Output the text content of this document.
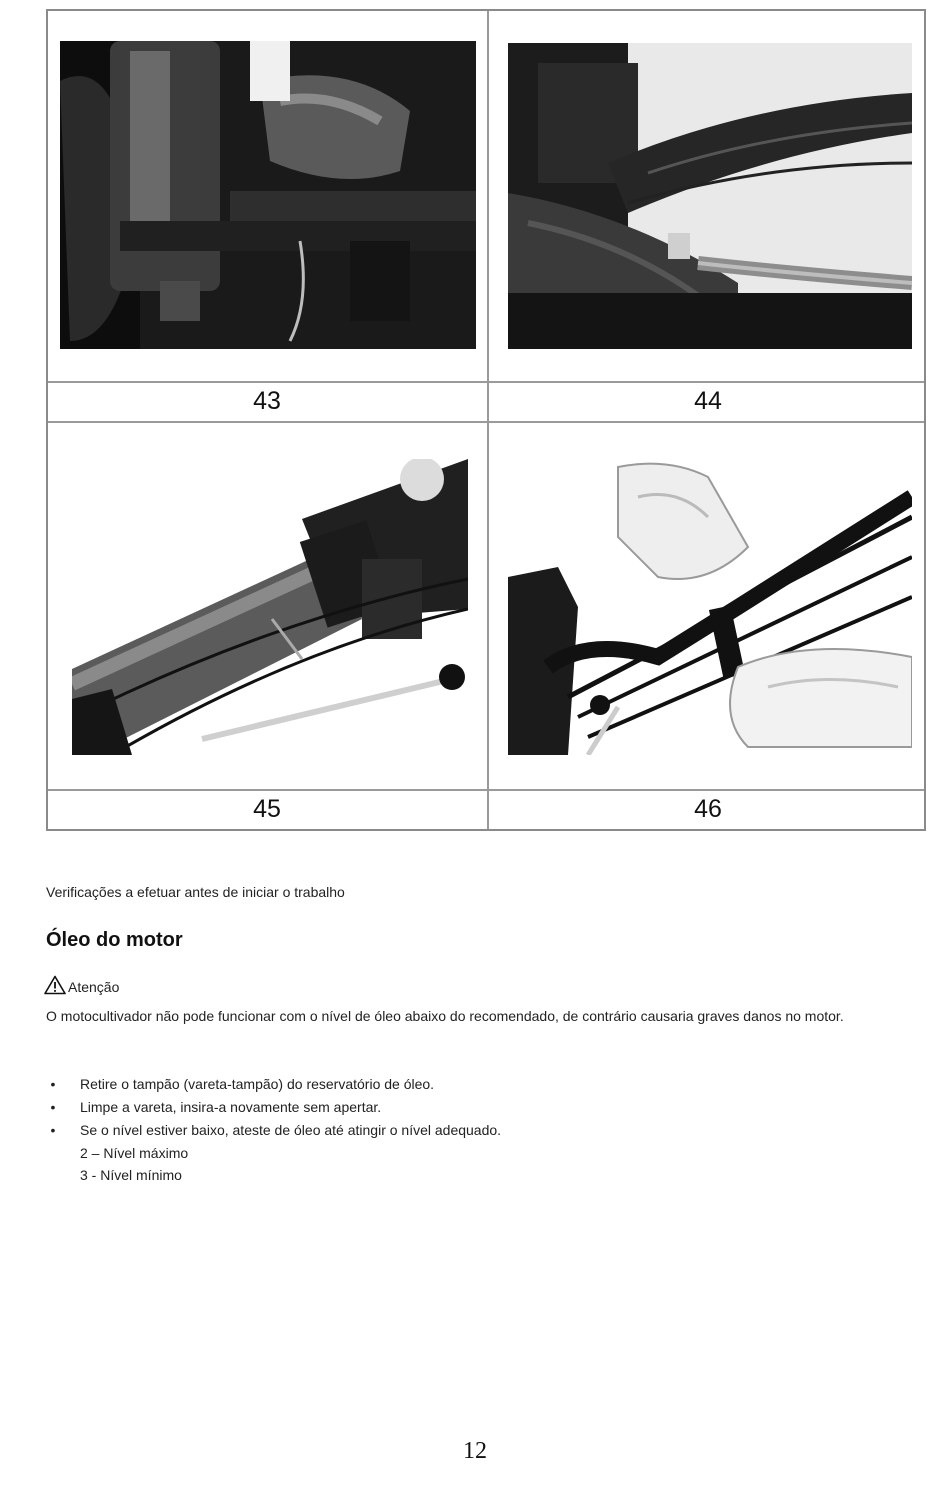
43	44
45	46
Verificações a efetuar antes de iniciar o trabalho
Óleo do motor
Atenção
O motocultivador não pode funcionar com o nível de óleo abaixo do recomendado, de contrário causaria graves danos no motor.
• Retire o tampão (vareta-tampão) do reservatório de óleo.
• Limpe a vareta, insira-a novamente sem apertar.
• Se o nível estiver baixo, ateste de óleo até atingir o nível adequado.
2 – Nível máximo
3 - Nível mínimo
12
